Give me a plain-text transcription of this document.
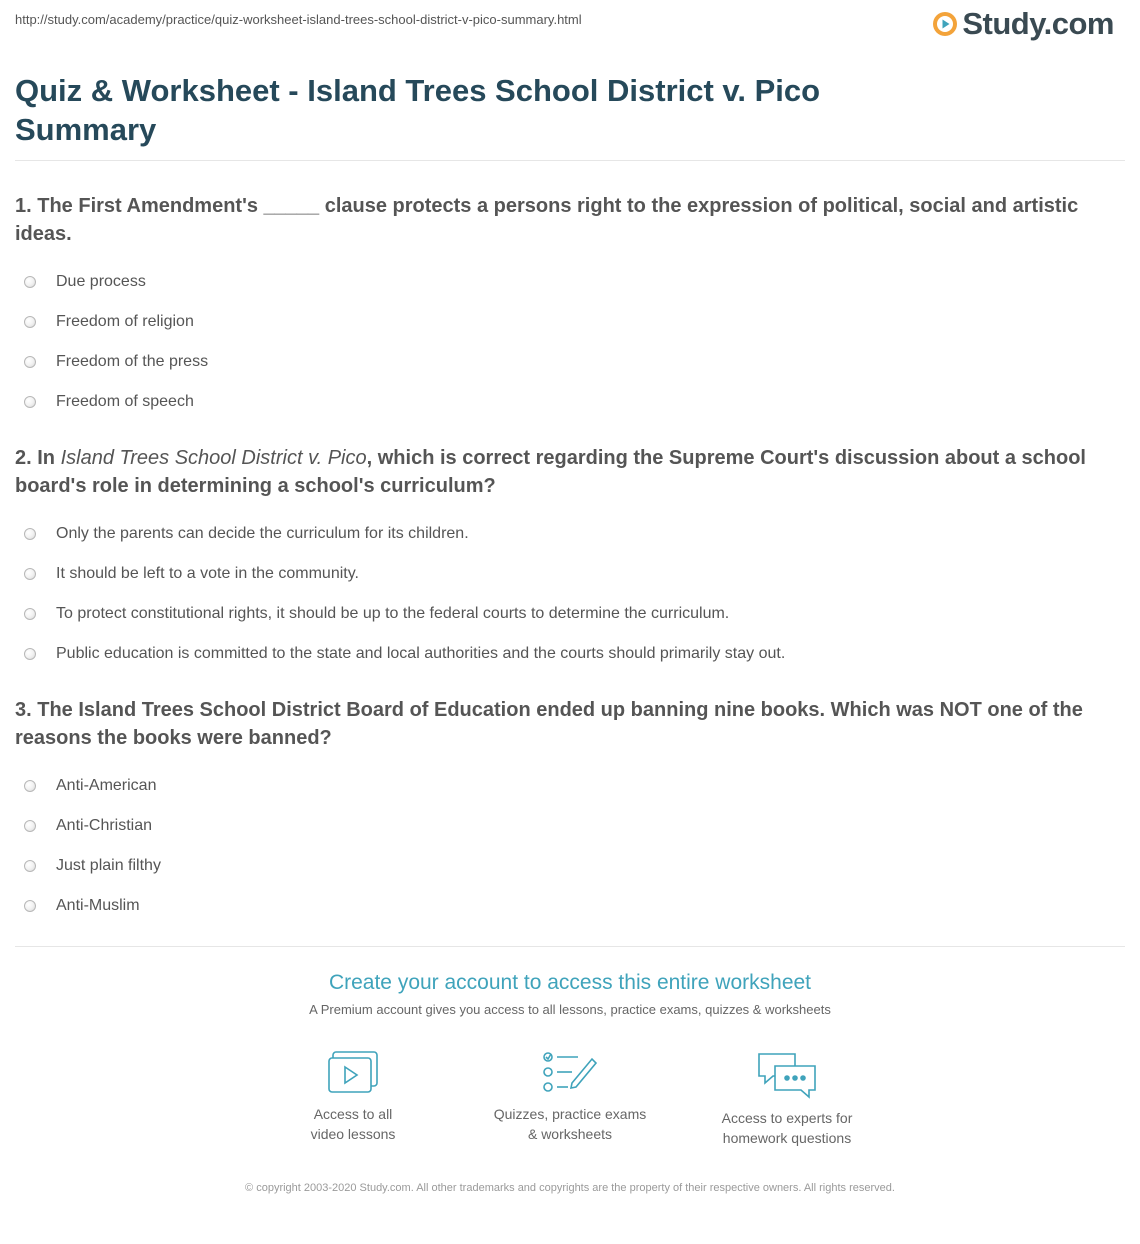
http://study.com/academy/practice/quiz-worksheet-island-trees-school-district-v-pico-summary.html	Study.com
Quiz & Worksheet - Island Trees School District v. Pico Summary

1. The First Amendment's _____ clause protects a persons right to the expression of political, social and artistic ideas.

Due process
Freedom of religion
Freedom of the press
Freedom of speech

2. In Island Trees School District v. Pico, which is correct regarding the Supreme Court's discussion about a school board's role in determining a school's curriculum?

Only the parents can decide the curriculum for its children.
It should be left to a vote in the community.
To protect constitutional rights, it should be up to the federal courts to determine the curriculum.
Public education is committed to the state and local authorities and the courts should primarily stay out.

3. The Island Trees School District Board of Education ended up banning nine books. Which was NOT one of the reasons the books were banned?

Anti-American
Anti-Christian
Just plain filthy
Anti-Muslim
Create your account to access this entire worksheet
A Premium account gives you access to all lessons, practice exams, quizzes & worksheets
Access to all
video lessons
Quizzes, practice exams
& worksheets
Access to experts for
homework questions
© copyright 2003-2020 Study.com. All other trademarks and copyrights are the property of their respective owners. All rights reserved.
